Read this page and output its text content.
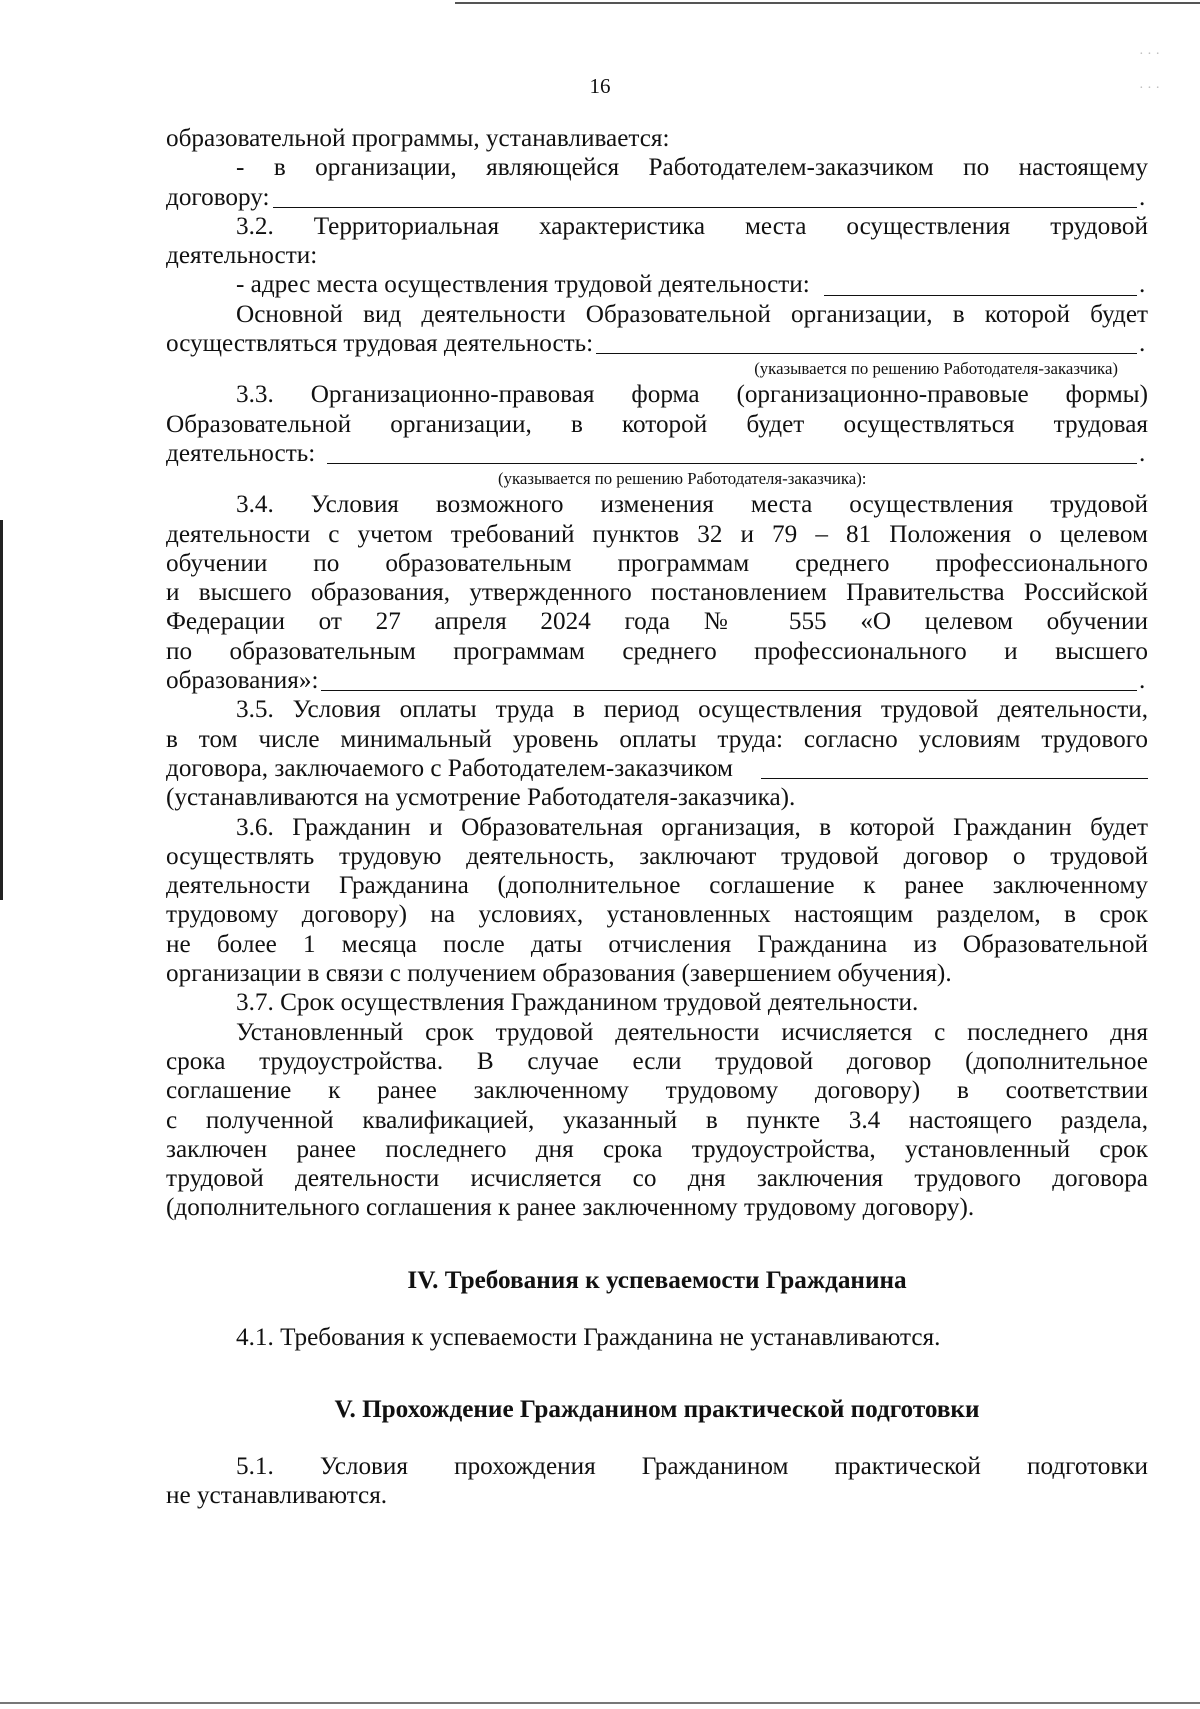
· · ·
· · ·
16
образовательной программы, устанавливается:
- в организации, являющейся Работодателем-заказчиком по настоящему
договору:	.
3.2. Территориальная характеристика места осуществления трудовой
деятельности:
- адрес места осуществления трудовой деятельности:	.
Основной вид деятельности Образовательной организации, в которой будет
осуществляться трудовая деятельность:	.
(указывается по решению Работодателя-заказчика)
3.3. Организационно-правовая форма (организационно-правовые формы)
Образовательной организации, в которой будет осуществляться трудовая
деятельность:	.
(указывается по решению Работодателя-заказчика):
3.4. Условия возможного изменения места осуществления трудовой
деятельности с учетом требований пунктов 32 и 79 – 81 Положения о целевом
обучении по образовательным программам среднего профессионального
и высшего образования, утвержденного постановлением Правительства Российской
Федерации от 27 апреля 2024 года № 555 «О целевом обучении
по образовательным программам среднего профессионального и высшего
образования»:	.
3.5. Условия оплаты труда в период осуществления трудовой деятельности,
в том числе минимальный уровень оплаты труда: согласно условиям трудового
договора, заключаемого с Работодателем-заказчиком
(устанавливаются на усмотрение Работодателя-заказчика).
3.6. Гражданин и Образовательная организация, в которой Гражданин будет
осуществлять трудовую деятельность, заключают трудовой договор о трудовой
деятельности Гражданина (дополнительное соглашение к ранее заключенному
трудовому договору) на условиях, установленных настоящим разделом, в срок
не более 1 месяца после даты отчисления Гражданина из Образовательной
организации в связи с получением образования (завершением обучения).
3.7. Срок осуществления Гражданином трудовой деятельности.
Установленный срок трудовой деятельности исчисляется с последнего дня
срока трудоустройства. В случае если трудовой договор (дополнительное
соглашение к ранее заключенному трудовому договору) в соответствии
с полученной квалификацией, указанный в пункте 3.4 настоящего раздела,
заключен ранее последнего дня срока трудоустройства, установленный срок
трудовой деятельности исчисляется со дня заключения трудового договора
(дополнительного соглашения к ранее заключенному трудовому договору).
IV. Требования к успеваемости Гражданина
4.1. Требования к успеваемости Гражданина не устанавливаются.
V. Прохождение Гражданином практической подготовки
5.1. Условия прохождения Гражданином практической подготовки
не устанавливаются.
